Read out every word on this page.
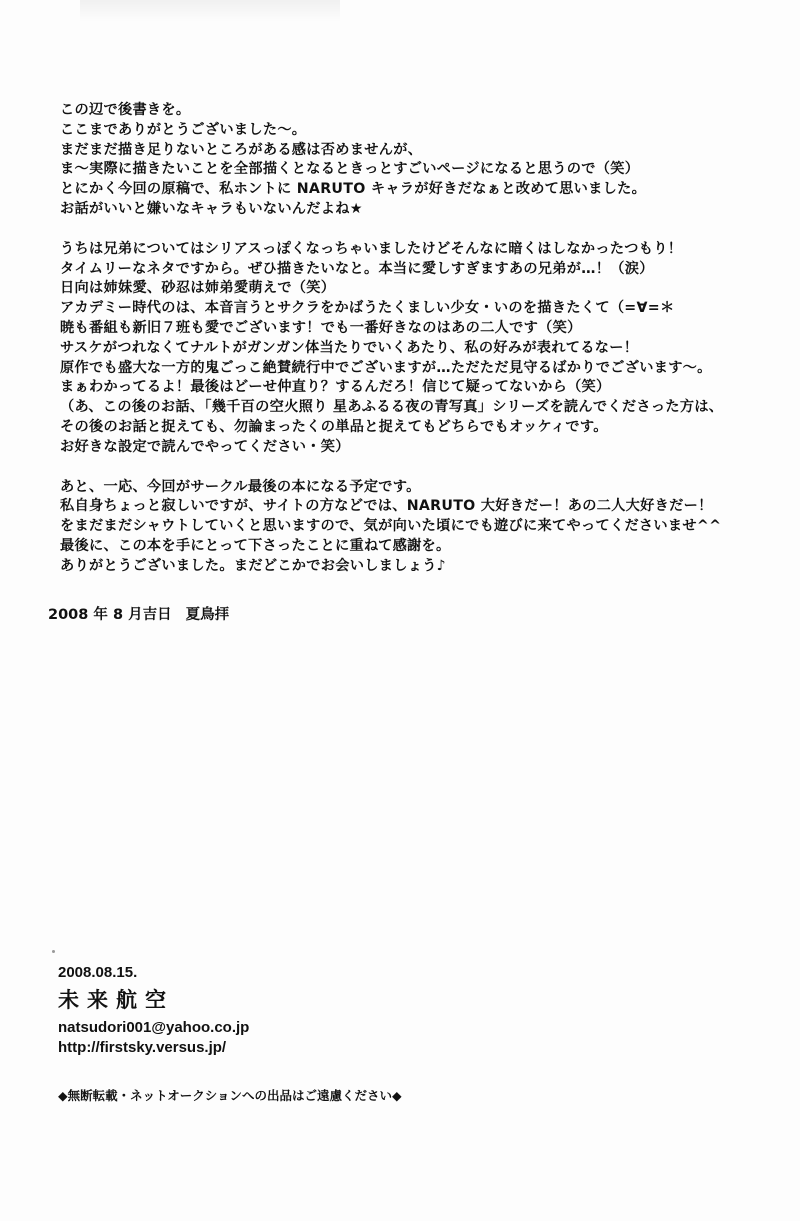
この辺で後書きを。
ここまでありがとうございました～。
まだまだ描き足りないところがある感は否めませんが、
ま～実際に描きたいことを全部描くとなるときっとすごいページになると思うので（笑）
とにかく今回の原稿で、私ホントに NARUTO キャラが好きだなぁと改めて思いました。
お話がいいと嫌いなキャラもいないんだよね★
うちは兄弟についてはシリアスっぽくなっちゃいましたけどそんなに暗くはしなかったつもり！
タイムリーなネタですから。ぜひ描きたいなと。本当に愛しすぎますあの兄弟が…！（涙）
日向は姉妹愛、砂忍は姉弟愛萌えで（笑）
アカデミー時代のは、本音言うとサクラをかばうたくましい少女・いのを描きたくて（=∀=＊
暁も番組も新旧７班も愛でございます！でも一番好きなのはあの二人です（笑）
サスケがつれなくてナルトがガンガン体当たりでいくあたり、私の好みが表れてるなー！
原作でも盛大な一方的鬼ごっこ絶賛続行中でございますが…ただただ見守るばかりでございます～。
まぁわかってるよ！最後はどーせ仲直り？するんだろ！信じて疑ってないから（笑）
（あ、この後のお話、「幾千百の空火照り 星あふるる夜の青写真」シリーズを読んでくださった方は、
その後のお話と捉えても、勿論まったくの単品と捉えてもどちらでもオッケィです。
お好きな設定で読んでやってください・笑）
あと、一応、今回がサークル最後の本になる予定です。
私自身ちょっと寂しいですが、サイトの方などでは、NARUTO 大好きだー！あの二人大好きだー！
をまだまだシャウトしていくと思いますので、気が向いた頃にでも遊びに来てやってくださいませ^^
最後に、この本を手にとって下さったことに重ねて感謝を。
ありがとうございました。まだどこかでお会いしましょう♪
2008 年 8 月吉日 夏鳥拝
2008.08.15.
未来航空
natsudori001@yahoo.co.jp
http://firstsky.versus.jp/
◆無断転載・ネットオークションへの出品はご遠慮ください◆
